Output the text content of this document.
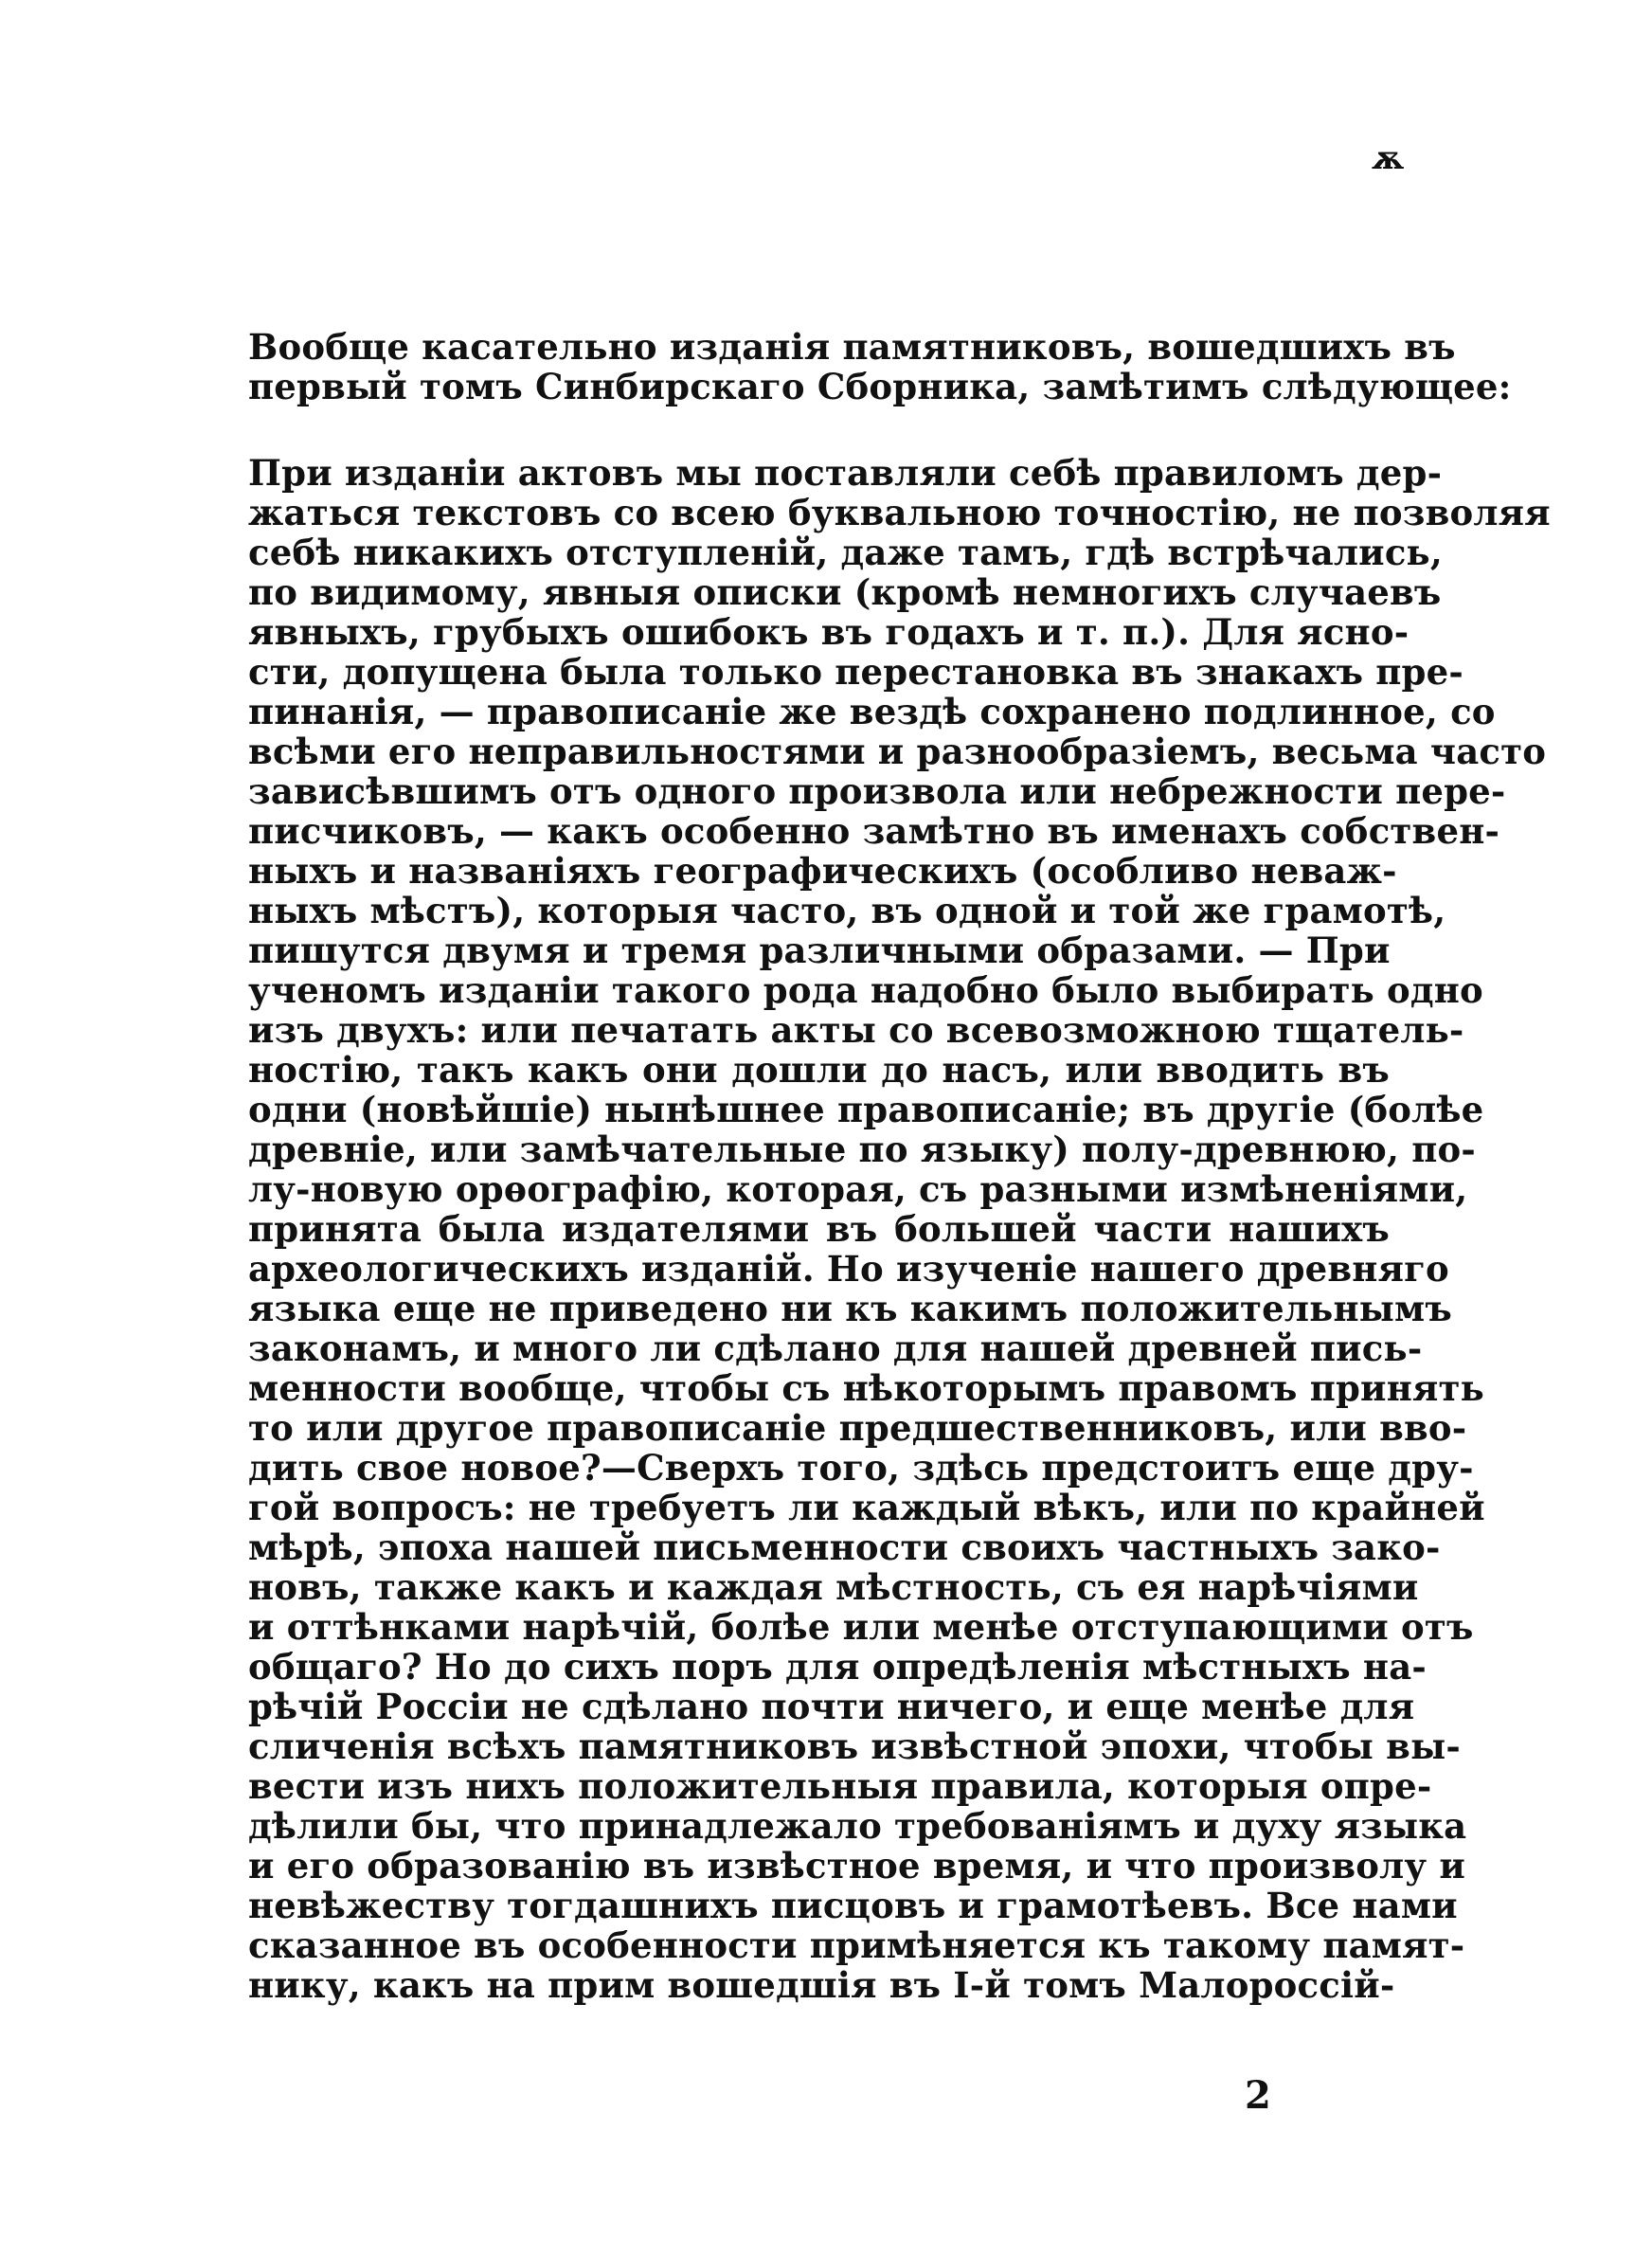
ѫ
Вообще касательно изданія памятниковъ, вошедшихъ въ
первый томъ Синбирскаго Сборника, замѣтимъ слѣдующее:
При изданіи актовъ мы поставляли себѣ правиломъ дер-
жаться текстовъ со всею буквальною точностію, не позволяя
себѣ никакихъ отступленій, даже тамъ, гдѣ встрѣчались,
по видимому, явныя описки (кромѣ немногихъ случаевъ
явныхъ, грубыхъ ошибокъ въ годахъ и т. п.). Для ясно-
сти, допущена была только перестановка въ знакахъ пре-
пинанія, — правописаніе же вездѣ сохранено подлинное, со
всѣми его неправильностями и разнообразіемъ, весьма часто
зависѣвшимъ отъ одного произвола или небрежности пере-
писчиковъ, — какъ особенно замѣтно въ именахъ собствен-
ныхъ и названіяхъ географическихъ (особливо неваж-
ныхъ мѣстъ), которыя часто, въ одной и той же грамотѣ,
пишутся двумя и тремя различными образами. — При
ученомъ изданіи такого рода надобно было выбирать одно
изъ двухъ: или печатать акты со всевозможною тщатель-
ностію, такъ какъ они дошли до насъ, или вводить въ
одни (новѣйшіе) нынѣшнее правописаніе; въ другіе (болѣе
древніе, или замѣчательные по языку) полу-древнюю, по-
лу-новую орѳографію, которая, съ разными измѣненіями,
принята была издателями въ большей части нашихъ
археологическихъ изданій. Но изученіе нашего древняго
языка еще не приведено ни къ какимъ положительнымъ
законамъ, и много ли сдѣлано для нашей древней пись-
менности вообще, чтобы съ нѣкоторымъ правомъ принять
то или другое правописаніе предшественниковъ, или вво-
дить свое новое?—Сверхъ того, здѣсь предстоитъ еще дру-
гой вопросъ: не требуетъ ли каждый вѣкъ, или по крайней
мѣрѣ, эпоха нашей письменности своихъ частныхъ зако-
новъ, также какъ и каждая мѣстность, съ ея нарѣчіями
и оттѣнками нарѣчій, болѣе или менѣе отступающими отъ
общаго? Но до сихъ поръ для опредѣленія мѣстныхъ на-
рѣчій Россіи не сдѣлано почти ничего, и еще менѣе для
сличенія всѣхъ памятниковъ извѣстной эпохи, чтобы вы-
вести изъ нихъ положительныя правила, которыя опре-
дѣлили бы, что принадлежало требованіямъ и духу языка
и его образованію въ извѣстное время, и что произволу и
невѣжеству тогдашнихъ писцовъ и грамотѣевъ. Все нами
сказанное въ особенности примѣняется къ такому памят-
нику, какъ на прим вошедшія въ І-й томъ Малороссій-
2
